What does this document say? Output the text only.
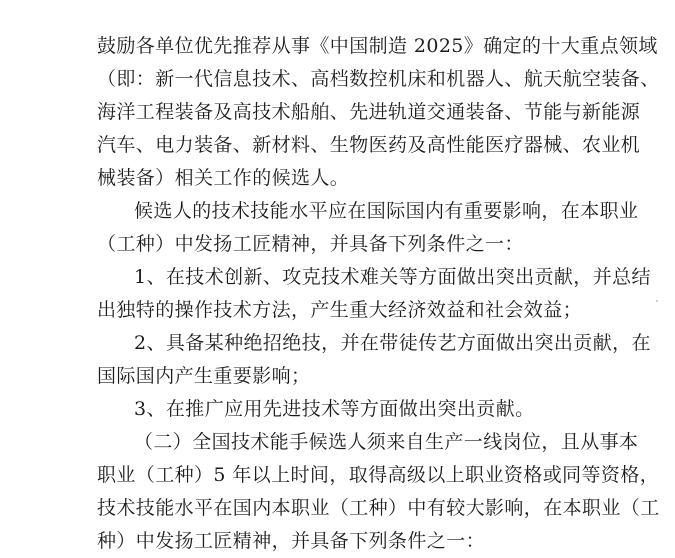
鼓励各单位优先推荐从事《中国制造 2025》确定的十大重点领域
（即：新一代信息技术、高档数控机床和机器人、航天航空装备、
海洋工程装备及高技术船舶、先进轨道交通装备、节能与新能源
汽车、电力装备、新材料、生物医药及高性能医疗器械、农业机
械装备）相关工作的候选人。
候选人的技术技能水平应在国际国内有重要影响，在本职业
（工种）中发扬工匠精神，并具备下列条件之一：
1、在技术创新、攻克技术难关等方面做出突出贡献，并总结
出独特的操作技术方法，产生重大经济效益和社会效益；
2、具备某种绝招绝技，并在带徒传艺方面做出突出贡献，在
国际国内产生重要影响；
3、在推广应用先进技术等方面做出突出贡献。
（二）全国技术能手候选人须来自生产一线岗位，且从事本
职业（工种）5 年以上时间，取得高级以上职业资格或同等资格，
技术技能水平在国内本职业（工种）中有较大影响，在本职业（工
种）中发扬工匠精神，并具备下列条件之一：
